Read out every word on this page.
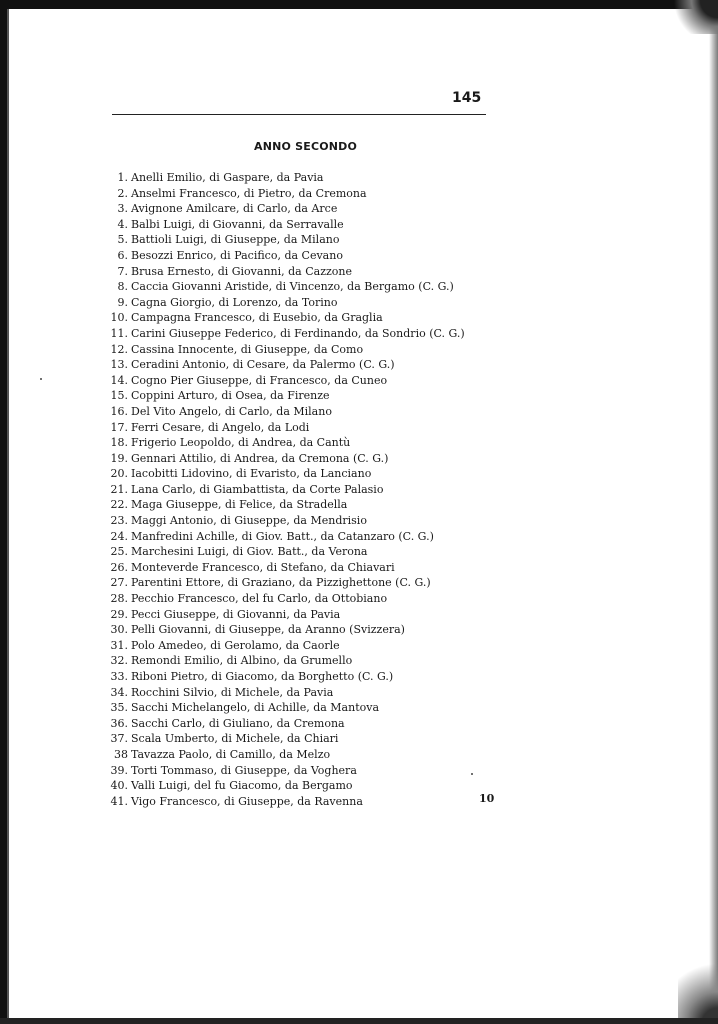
145
ANNO SECONDO
1. Anelli Emilio, di Gaspare, da Pavia
2. Anselmi Francesco, di Pietro, da Cremona
3. Avignone Amilcare, di Carlo, da Arce
4. Balbi Luigi, di Giovanni, da Serravalle
5. Battioli Luigi, di Giuseppe, da Milano
6. Besozzi Enrico, di Pacifico, da Cevano
7. Brusa Ernesto, di Giovanni, da Cazzone
8. Caccia Giovanni Aristide, di Vincenzo, da Bergamo (C. G.)
9. Cagna Giorgio, di Lorenzo, da Torino
10. Campagna Francesco, di Eusebio, da Graglia
11. Carini Giuseppe Federico, di Ferdinando, da Sondrio (C. G.)
12. Cassina Innocente, di Giuseppe, da Como
13. Ceradini Antonio, di Cesare, da Palermo (C. G.)
14. Cogno Pier Giuseppe, di Francesco, da Cuneo
15. Coppini Arturo, di Osea, da Firenze
16. Del Vito Angelo, di Carlo, da Milano
17. Ferri Cesare, di Angelo, da Lodi
18. Frigerio Leopoldo, di Andrea, da Cantù
19. Gennari Attilio, di Andrea, da Cremona (C. G.)
20. Iacobitti Lidovino, di Evaristo, da Lanciano
21. Lana Carlo, di Giambattista, da Corte Palasio
22. Maga Giuseppe, di Felice, da Stradella
23. Maggi Antonio, di Giuseppe, da Mendrisio
24. Manfredini Achille, di Giov. Batt., da Catanzaro (C. G.)
25. Marchesini Luigi, di Giov. Batt., da Verona
26. Monteverde Francesco, di Stefano, da Chiavari
27. Parentini Ettore, di Graziano, da Pizzighettone (C. G.)
28. Pecchio Francesco, del fu Carlo, da Ottobiano
29. Pecci Giuseppe, di Giovanni, da Pavia
30. Pelli Giovanni, di Giuseppe, da Aranno (Svizzera)
31. Polo Amedeo, di Gerolamo, da Caorle
32. Remondi Emilio, di Albino, da Grumello
33. Riboni Pietro, di Giacomo, da Borghetto (C. G.)
34. Rocchini Silvio, di Michele, da Pavia
35. Sacchi Michelangelo, di Achille, da Mantova
36. Sacchi Carlo, di Giuliano, da Cremona
37. Scala Umberto, di Michele, da Chiari
38 Tavazza Paolo, di Camillo, da Melzo
39. Torti Tommaso, di Giuseppe, da Voghera
40. Valli Luigi, del fu Giacomo, da Bergamo
41. Vigo Francesco, di Giuseppe, da Ravenna	10
